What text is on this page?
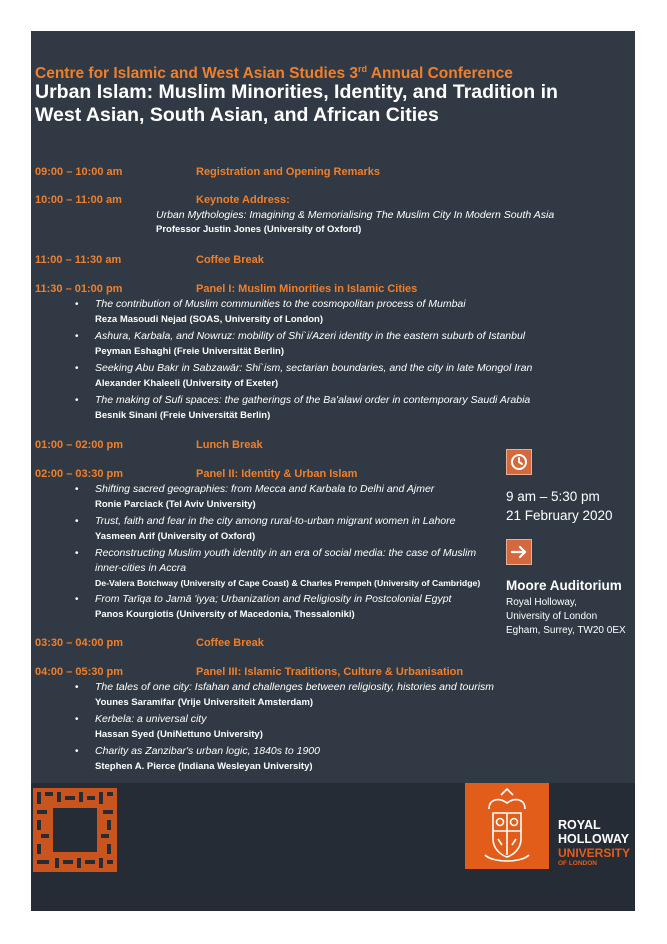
Centre for Islamic and West Asian Studies 3rd Annual Conference
Urban Islam: Muslim Minorities, Identity, and Tradition in
West Asian, South Asian, and African Cities
09:00 – 10:00 am	Registration and Opening Remarks
10:00 – 11:00 am	Keynote Address:
Urban Mythologies: Imagining & Memorialising The Muslim City In Modern South Asia
Professor Justin Jones (University of Oxford)
11:00 – 11:30 am	Coffee Break
11:30 – 01:00 pm	Panel I: Muslim Minorities in Islamic Cities
• The contribution of Muslim communities to the cosmopolitan process of Mumbai
Reza Masoudi Nejad (SOAS, University of London)
• Ashura, Karbala, and Nowruz: mobility of Shi`i/Azeri identity in the eastern suburb of Istanbul
Peyman Eshaghi (Freie Universität Berlin)
• Seeking Abu Bakr in Sabzawār: Shi`ism, sectarian boundaries, and the city in late Mongol Iran
Alexander Khaleeli (University of Exeter)
• The making of Sufi spaces: the gatherings of the Ba'alawi order in contemporary Saudi Arabia
Besnik Sinani (Freie Universität Berlin)
01:00 – 02:00 pm	Lunch Break
02:00 – 03:30 pm	Panel II: Identity & Urban Islam
• Shifting sacred geographies: from Mecca and Karbala to Delhi and Ajmer
Ronie Parciack (Tel Aviv University)
• Trust, faith and fear in the city among rural-to-urban migrant women in Lahore
Yasmeen Arif (University of Oxford)
• Reconstructing Muslim youth identity in an era of social media: the case of Muslim
inner-cities in Accra
De-Valera Botchway (University of Cape Coast) & Charles Prempeh (University of Cambridge)
• From Tarīqa to Jamā 'iyya; Urbanization and Religiosity in Postcolonial Egypt
Panos Kourgiotis (University of Macedonia, Thessaloniki)
03:30 – 04:00 pm	Coffee Break
04:00 – 05:30 pm	Panel III: Islamic Traditions, Culture & Urbanisation
• The tales of one city: Isfahan and challenges between religiosity, histories and tourism
Younes Saramifar (Vrije Universiteit Amsterdam)
• Kerbela: a universal city
Hassan Syed (UniNettuno University)
• Charity as Zanzibar's urban logic, 1840s to 1900
Stephen A. Pierce (Indiana Wesleyan University)
9 am – 5:30 pm
21 February 2020
Moore Auditorium
Royal Holloway,
University of London
Egham, Surrey, TW20 0EX
ROYAL
HOLLOWAY
UNIVERSITY
OF LONDON
